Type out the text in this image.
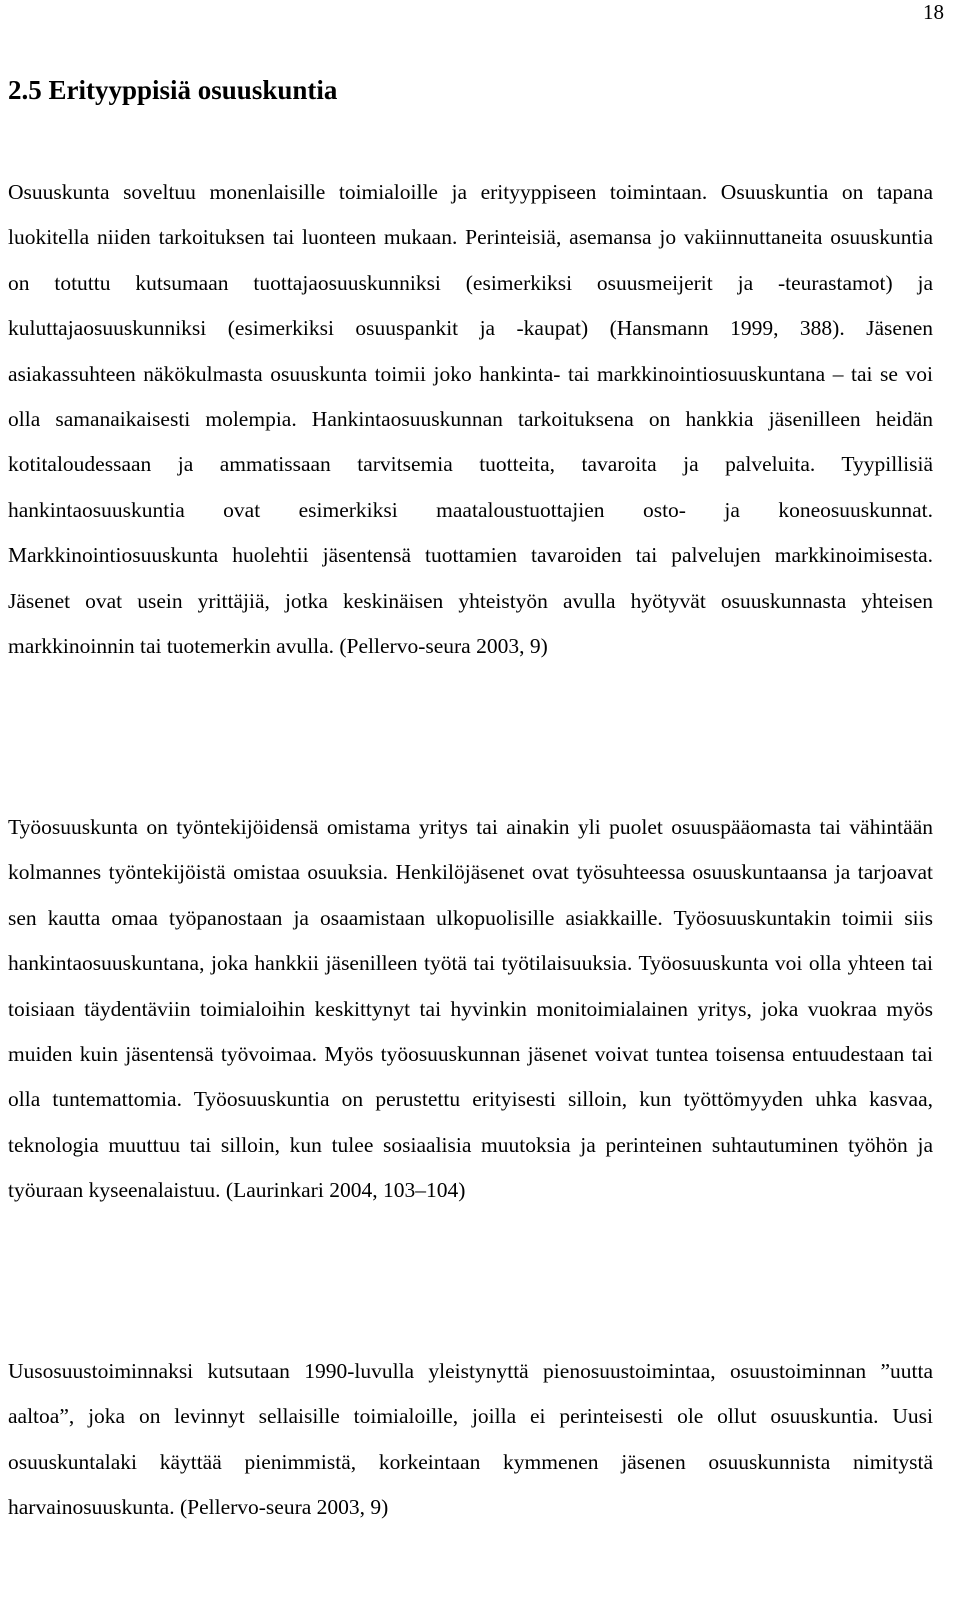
18
2.5 Erityyppisiä osuuskuntia

Osuuskunta soveltuu monenlaisille toimialoille ja erityyppiseen toimintaan. Osuuskuntia on tapana luokitella niiden tarkoituksen tai luonteen mukaan. Perinteisiä, asemansa jo vakiinnuttaneita osuuskuntia on totuttu kutsumaan tuottajaosuuskunniksi (esimerkiksi osuusmeijerit ja -teurastamot) ja kuluttajaosuuskunniksi (esimerkiksi osuuspankit ja -kaupat) (Hansmann 1999, 388). Jäsenen asiakassuhteen näkökulmasta osuuskunta toimii joko hankinta- tai markkinointiosuuskuntana – tai se voi olla samanaikaisesti molempia. Hankintaosuuskunnan tarkoituksena on hankkia jäsenilleen heidän kotitaloudessaan ja ammatissaan tarvitsemia tuotteita, tavaroita ja palveluita. Tyypillisiä hankintaosuuskuntia ovat esimerkiksi maataloustuottajien osto- ja koneosuuskunnat. Markkinointiosuuskunta huolehtii jäsentensä tuottamien tavaroiden tai palvelujen markkinoimisesta. Jäsenet ovat usein yrittäjiä, jotka keskinäisen yhteistyön avulla hyötyvät osuuskunnasta yhteisen markkinoinnin tai tuotemerkin avulla. (Pellervo-seura 2003, 9)

Työosuuskunta on työntekijöidensä omistama yritys tai ainakin yli puolet osuuspääomasta tai vähintään kolmannes työntekijöistä omistaa osuuksia. Henkilöjäsenet ovat työsuhteessa osuuskuntaansa ja tarjoavat sen kautta omaa työpanostaan ja osaamistaan ulkopuolisille asiakkaille. Työosuuskuntakin toimii siis hankintaosuuskuntana, joka hankkii jäsenilleen työtä tai työtilaisuuksia. Työosuuskunta voi olla yhteen tai toisiaan täydentäviin toimialoihin keskittynyt tai hyvinkin monitoimialainen yritys, joka vuokraa myös muiden kuin jäsentensä työvoimaa. Myös työosuuskunnan jäsenet voivat tuntea toisensa entuudestaan tai olla tuntemattomia. Työosuuskuntia on perustettu erityisesti silloin, kun työttömyyden uhka kasvaa, teknologia muuttuu tai silloin, kun tulee sosiaalisia muutoksia ja perinteinen suhtautuminen työhön ja työuraan kyseenalaistuu. (Laurinkari 2004, 103–104)

Uusosuustoiminnaksi kutsutaan 1990-luvulla yleistynyttä pienosuustoimintaa, osuustoiminnan ”uutta aaltoa”, joka on levinnyt sellaisille toimialoille, joilla ei perinteisesti ole ollut osuuskuntia. Uusi osuuskuntalaki käyttää pienimmistä, korkeintaan kymmenen jäsenen osuuskunnista nimitystä harvainosuuskunta. (Pellervo-seura 2003, 9)
